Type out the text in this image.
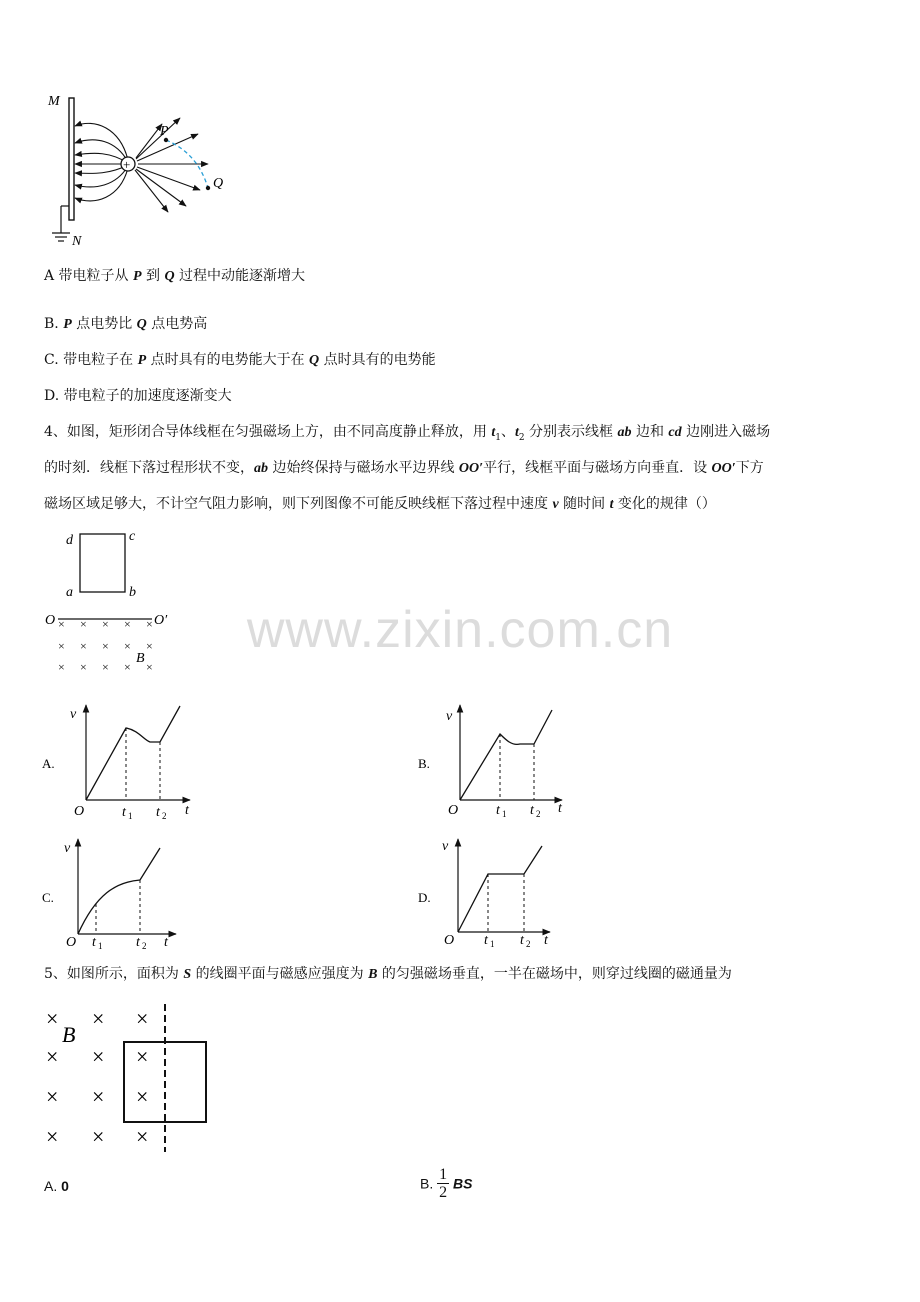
www.zixin.com.cn
M
N
+
P
Q
A 带电粒子从 P 到 Q 过程中动能逐渐增大
B. P 点电势比 Q 点电势高
C. 带电粒子在 P 点时具有的电势能大于在 Q 点时具有的电势能
D. 带电粒子的加速度逐渐变大
4、如图，矩形闭合导体线框在匀强磁场上方，由不同高度静止释放，用 $t_1$、$t_2$ 分别表示线框 ab 边和 cd 边刚进入磁场
的时刻．线框下落过程形状不变，ab 边始终保持与磁场水平边界线 OO′平行，线框平面与磁场方向垂直．设 OO′下方
磁场区域足够大，不计空气阻力影响，则下列图像不可能反映线框下落过程中速度 v 随时间 t 变化的规律（）
d	c
a	b
O	O′
B
× × × × ×
× × × × ×
× × × × ×
A.
v
O	t
t 1 t 2
B.
v
O	t
t 1 t 2
C.
v
O	t
t 1 t 2
D.
v
O	t
t 1 t 2
5、如图所示，面积为 S 的线圈平面与磁感应强度为 B 的匀强磁场垂直，一半在磁场中，则穿过线圈的磁通量为
× × ×
× × ×
× × ×
× × ×
B
A. 0	B. $\frac{1}{2}$ BS
